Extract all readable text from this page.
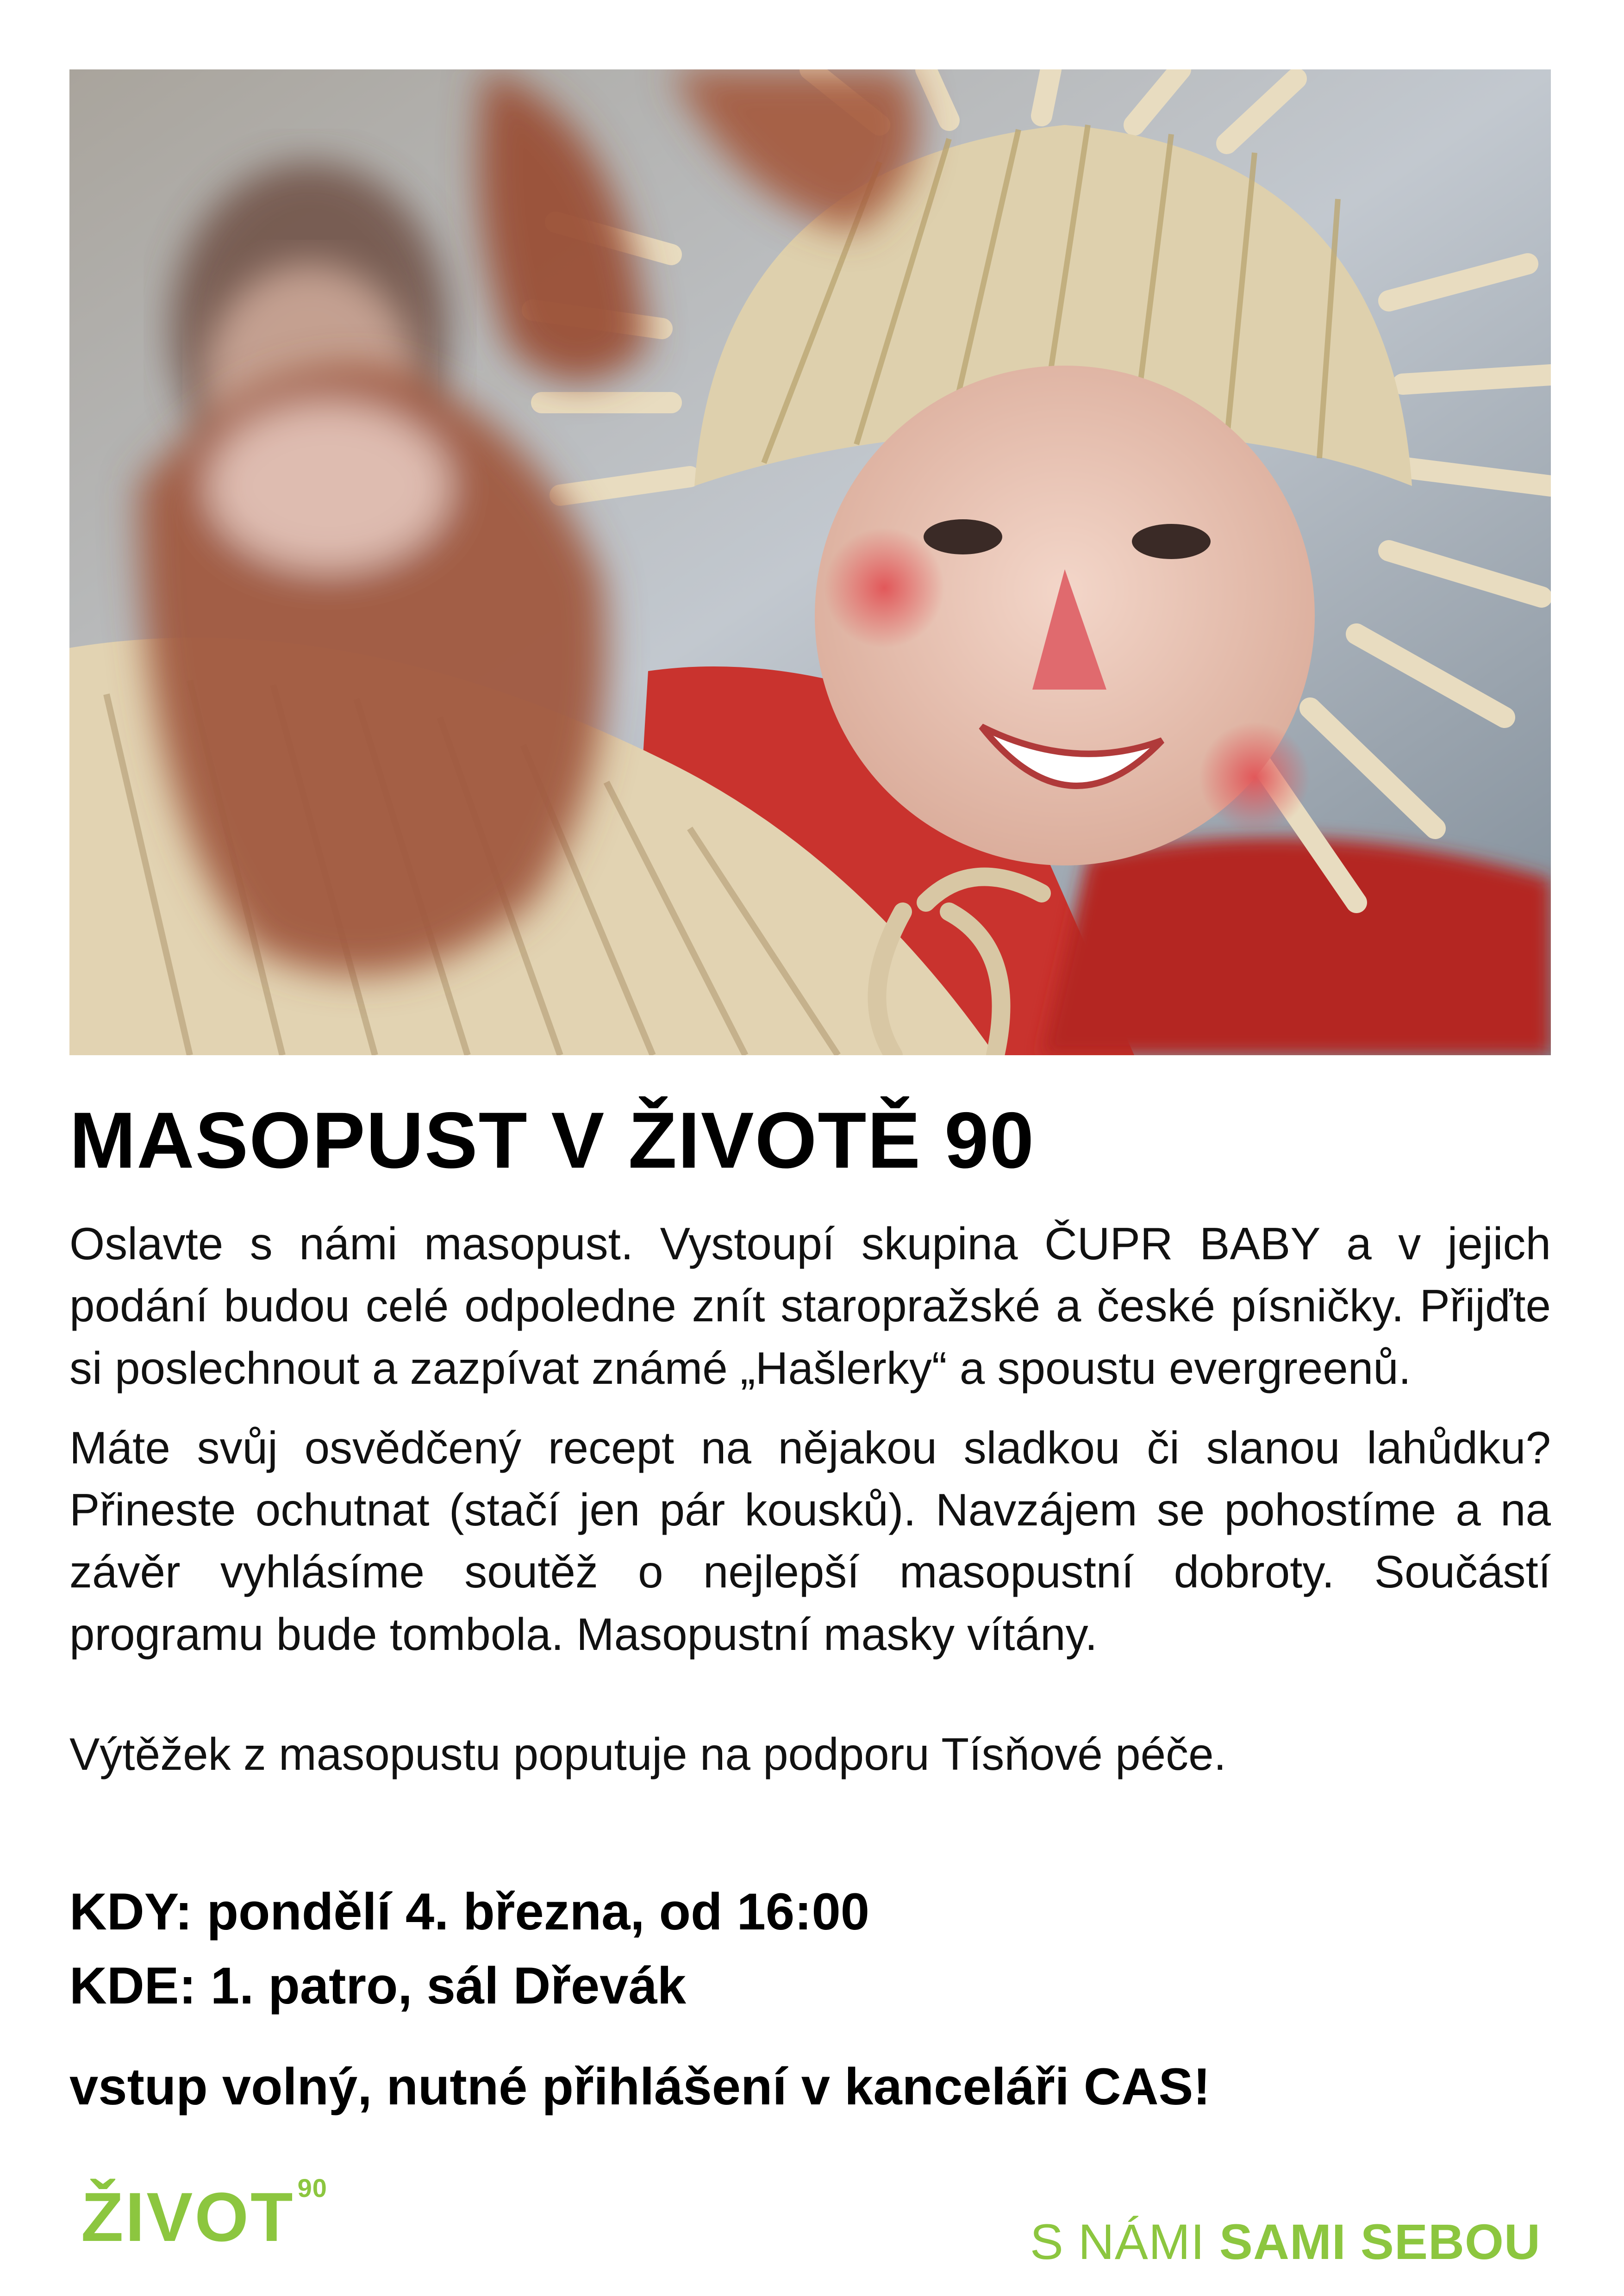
MASOPUST V ŽIVOTĚ 90

Oslavte s námi masopust. Vystoupí skupina ČUPR BABY a v jejich podání budou celé odpoledne znít staropražské a české písničky. Přijďte si poslechnout a zazpívat známé „Hašlerky“ a spoustu evergreenů.

Máte svůj osvědčený recept na nějakou sladkou či slanou lahůdku? Přineste ochutnat (stačí jen pár kousků). Navzájem se pohostíme a na závěr vyhlásíme soutěž o nejlepší masopustní dobroty. Součástí programu bude tombola. Masopustní masky vítány.

Výtěžek z masopustu poputuje na podporu Tísňové péče.

KDY: pondělí 4. března, od 16:00
KDE: 1. patro, sál Dřevák
vstup volný, nutné přihlášení v kanceláři CAS!
ŽIVOT 90
S NÁMI SAMI SEBOU
